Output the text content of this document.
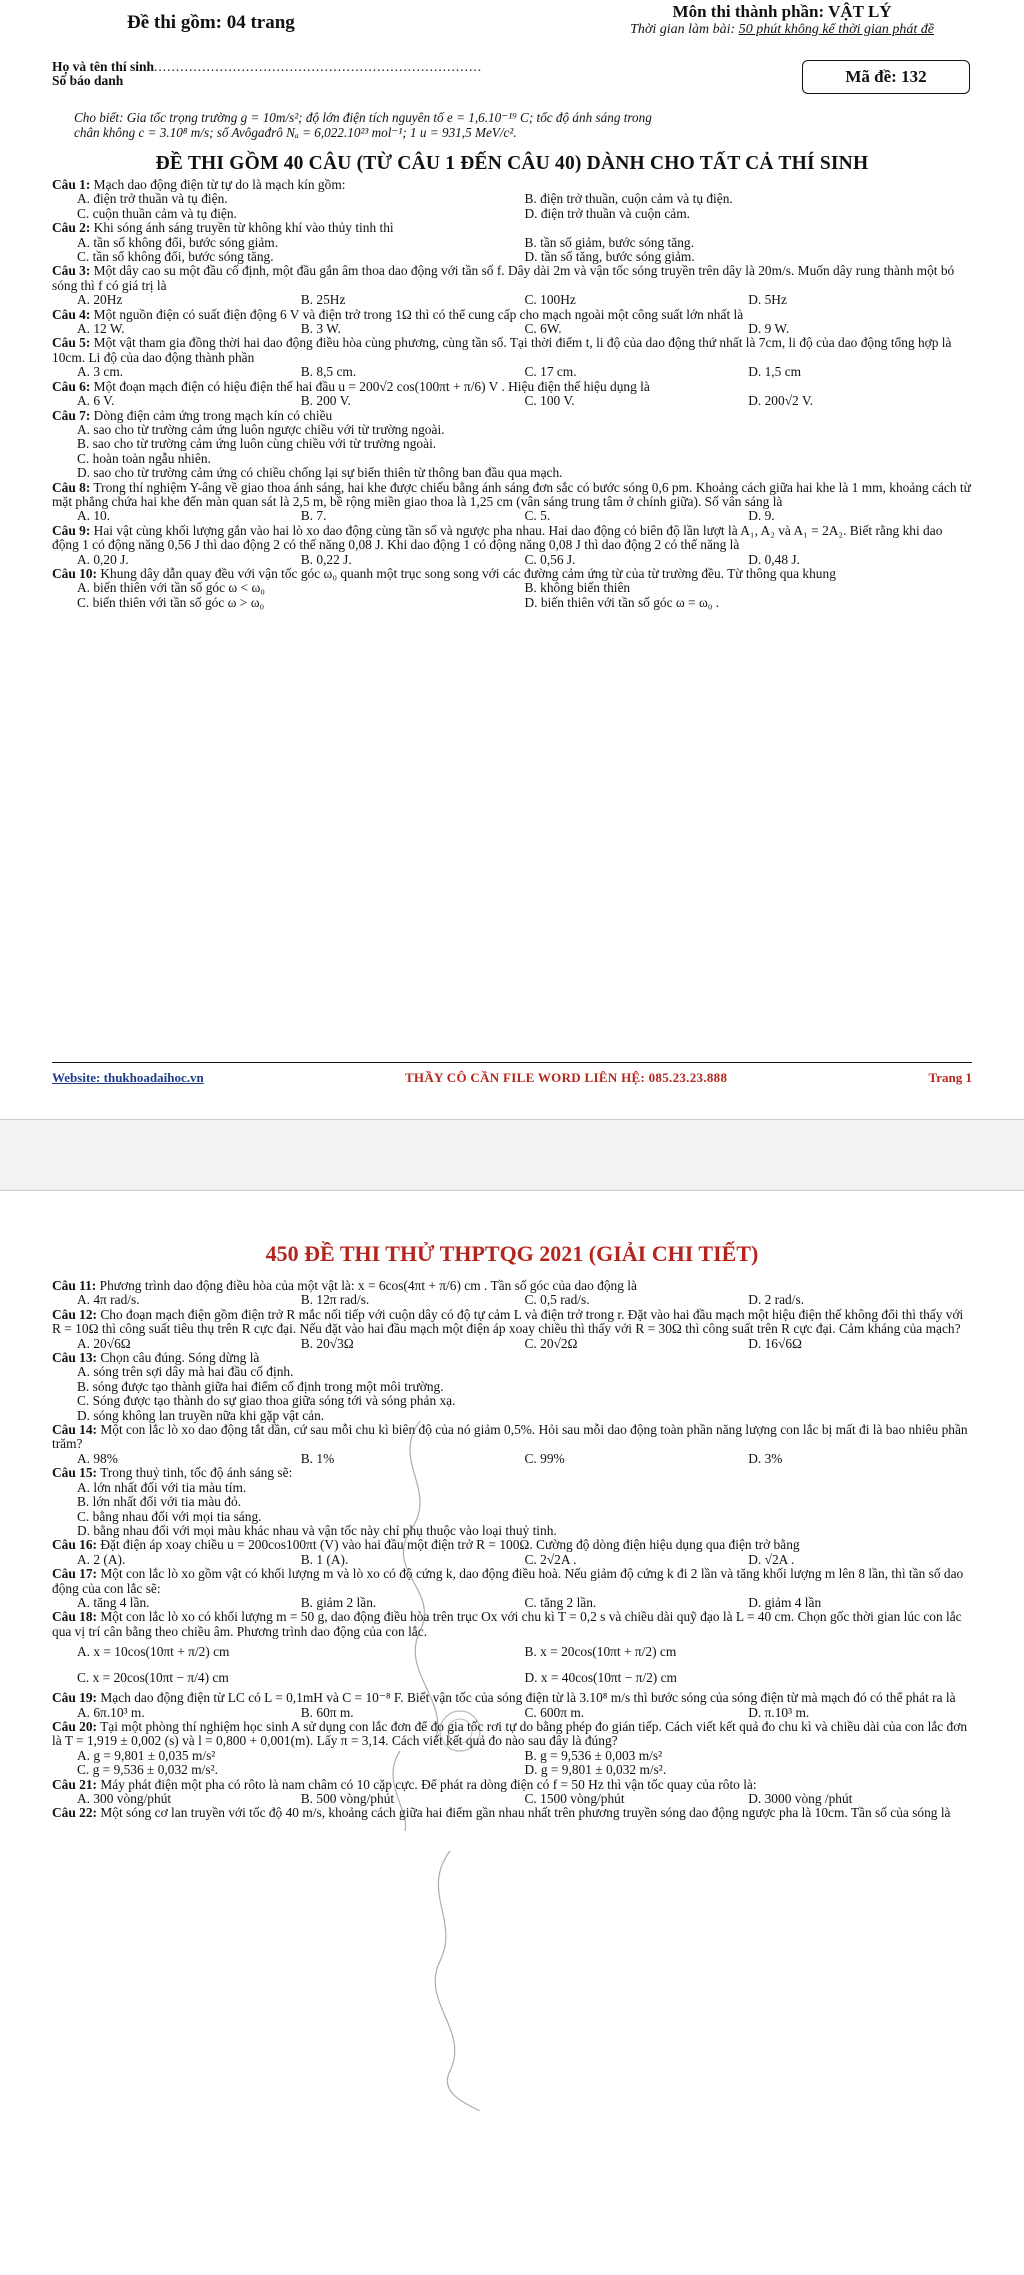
Đề thi gồm: 04 trang
Môn thi thành phần: VẬT LÝ
Thời gian làm bài: 50 phút không kể thời gian phát đề
Họ và tên thí sinh...........................................................................
Số báo danh	Mã đề: 132
Cho biết: Gia tốc trọng trường g = 10m/s²; độ lớn điện tích nguyên tố e = 1,6.10⁻¹⁹ C; tốc độ ánh sáng trong
chân không c = 3.10⁸ m/s; số Avôgađrô Nₐ = 6,022.10²³ mol⁻¹; 1 u = 931,5 MeV/c².
ĐỀ THI GỒM 40 CÂU (TỪ CÂU 1 ĐẾN CÂU 40) DÀNH CHO TẤT CẢ THÍ SINH

Câu 1: Mạch dao động điện từ tự do là mạch kín gồm:

A. điện trở thuần và tụ điện.	B. điện trở thuần, cuộn cảm và tụ điện.
C. cuộn thuần cảm và tụ điện.	D. điện trở thuần và cuộn cảm.

Câu 2: Khi sóng ánh sáng truyền từ không khí vào thủy tinh thì

A. tần số không đổi, bước sóng giảm.	B. tần số giảm, bước sóng tăng.
C. tần số không đổi, bước sóng tăng.	D. tần số tăng, bước sóng giảm.

Câu 3: Một dây cao su một đầu cố định, một đầu gắn âm thoa dao động với tần số f. Dây dài 2m và vận tốc sóng truyền trên dây là 20m/s. Muốn dây rung thành một bó sóng thì f có giá trị là

A. 20Hz	B. 25Hz	C. 100Hz	D. 5Hz

Câu 4: Một nguồn điện có suất điện động 6 V và điện trở trong 1Ω thì có thể cung cấp cho mạch ngoài một công suất lớn nhất là

A. 12 W.	B. 3 W.	C. 6W.	D. 9 W.

Câu 5: Một vật tham gia đồng thời hai dao động điều hòa cùng phương, cùng tần số. Tại thời điểm t, li độ của dao động thứ nhất là 7cm, li độ của dao động tổng hợp là 10cm. Li độ của dao động thành phần

A. 3 cm.	B. 8,5 cm.	C. 17 cm.	D. 1,5 cm

Câu 6: Một đoạn mạch điện có hiệu điện thế hai đầu u = 200√2 cos(100πt + π/6) V . Hiệu điện thế hiệu dụng là

A. 6 V.	B. 200 V.	C. 100 V.	D. 200√2 V.

Câu 7: Dòng điện cảm ứng trong mạch kín có chiều

A. sao cho từ trường cảm ứng luôn ngược chiều với từ trường ngoài.
B. sao cho từ trường cảm ứng luôn cùng chiều với từ trường ngoài.
C. hoàn toàn ngẫu nhiên.
D. sao cho từ trường cảm ứng có chiều chống lại sự biến thiên từ thông ban đầu qua mạch.

Câu 8: Trong thí nghiệm Y-âng về giao thoa ánh sáng, hai khe được chiếu bằng ánh sáng đơn sắc có bước sóng 0,6 pm. Khoảng cách giữa hai khe là 1 mm, khoảng cách từ mặt phẳng chứa hai khe đến màn quan sát là 2,5 m, bề rộng miền giao thoa là 1,25 cm (vân sáng trung tâm ở chính giữa). Số vân sáng là

A. 10.	B. 7.	C. 5.	D. 9.

Câu 9: Hai vật cùng khối lượng gắn vào hai lò xo dao động cùng tần số và ngược pha nhau. Hai dao động có biên độ lần lượt là A₁, A₂ và A₁ = 2A₂. Biết rằng khi dao động 1 có động năng 0,56 J thì dao động 2 có thế năng 0,08 J. Khi dao động 1 có động năng 0,08 J thì dao động 2 có thế năng là

A. 0,20 J.	B. 0,22 J.	C. 0,56 J.	D. 0,48 J.

Câu 10: Khung dây dẫn quay đều với vận tốc góc ω₀ quanh một trục song song với các đường cảm ứng từ của từ trường đều. Từ thông qua khung

A. biến thiên với tần số góc ω < ω₀	B. không biến thiên
C. biến thiên với tần số góc ω > ω₀	D. biến thiên với tần số góc ω = ω₀ .
Website: thukhoadaihoc.vn	THẦY CÔ CẦN FILE WORD LIÊN HỆ: 085.23.23.888	Trang 1
450 ĐỀ THI THỬ THPTQG 2021 (GIẢI CHI TIẾT)

Câu 11: Phương trình dao động điều hòa của một vật là: x = 6cos(4πt + π/6) cm . Tần số góc của dao động là

A. 4π rad/s.	B. 12π rad/s.	C. 0,5 rad/s.	D. 2 rad/s.

Câu 12: Cho đoạn mạch điện gồm điện trở R mắc nối tiếp với cuộn dây có độ tự cảm L và điện trở trong r. Đặt vào hai đầu mạch một hiệu điện thế không đổi thì thấy với R = 10Ω thì công suất tiêu thụ trên R cực đại. Nếu đặt vào hai đầu mạch một điện áp xoay chiều thì thấy với R = 30Ω thì công suất trên R cực đại. Cảm kháng của mạch?

A. 20√6Ω	B. 20√3Ω	C. 20√2Ω	D. 16√6Ω

Câu 13: Chọn câu đúng. Sóng dừng là

A. sóng trên sợi dây mà hai đầu cố định.
B. sóng được tạo thành giữa hai điểm cố định trong một môi trường.
C. Sóng được tạo thành do sự giao thoa giữa sóng tới và sóng phản xạ.
D. sóng không lan truyền nữa khi gặp vật cản.

Câu 14: Một con lắc lò xo dao động tắt dần, cứ sau mỗi chu kì biên độ của nó giảm 0,5%. Hỏi sau mỗi dao động toàn phần năng lượng con lắc bị mất đi là bao nhiêu phần trăm?

A. 98%	B. 1%	C. 99%	D. 3%

Câu 15: Trong thuỷ tinh, tốc độ ánh sáng sẽ:

A. lớn nhất đối với tia màu tím.
B. lớn nhất đối với tia màu đỏ.
C. bằng nhau đối với mọi tia sáng.
D. bằng nhau đối với mọi màu khác nhau và vận tốc này chỉ phụ thuộc vào loại thuỷ tinh.

Câu 16: Đặt điện áp xoay chiều u = 200cos100πt (V) vào hai đầu một điện trở R = 100Ω. Cường độ dòng điện hiệu dụng qua điện trở bằng

A. 2 (A).	B. 1 (A).	C. 2√2A .	D. √2A .

Câu 17: Một con lắc lò xo gồm vật có khối lượng m và lò xo có độ cứng k, dao động điều hoà. Nếu giảm độ cứng k đi 2 lần và tăng khối lượng m lên 8 lần, thì tần số dao động của con lắc sẽ:

A. tăng 4 lần.	B. giảm 2 lần.	C. tăng 2 lần.	D. giảm 4 lần

Câu 18: Một con lắc lò xo có khối lượng m = 50 g, dao động điều hòa trên trục Ox với chu kì T = 0,2 s và chiều dài quỹ đạo là L = 40 cm. Chọn gốc thời gian lúc con lắc qua vị trí cân bằng theo chiều âm. Phương trình dao động của con lắc.

A. x = 10cos(10πt + π/2) cm	B. x = 20cos(10πt + π/2) cm
C. x = 20cos(10πt − π/4) cm	D. x = 40cos(10πt − π/2) cm

Câu 19: Mạch dao động điện từ LC có L = 0,1mH và C = 10⁻⁸ F. Biết vận tốc của sóng điện từ là 3.10⁸ m/s thì bước sóng của sóng điện từ mà mạch đó có thể phát ra là

A. 6π.10³ m.	B. 60π m.	C. 600π m.	D. π.10³ m.

Câu 20: Tại một phòng thí nghiệm học sinh A sử dụng con lắc đơn để đo gia tốc rơi tự do bằng phép đo gián tiếp. Cách viết kết quả đo chu kì và chiều dài của con lắc đơn là T = 1,919 ± 0,002 (s) và l = 0,800 + 0,001(m). Lấy π = 3,14. Cách viết kết quả đo nào sau đây là đúng?

A. g = 9,801 ± 0,035 m/s²	B. g = 9,536 ± 0,003 m/s²
C. g = 9,536 ± 0,032 m/s².	D. g = 9,801 ± 0,032 m/s².

Câu 21: Máy phát điện một pha có rôto là nam châm có 10 cặp cực. Để phát ra dòng điện có f = 50 Hz thì vận tốc quay của rôto là:

A. 300 vòng/phút	B. 500 vòng/phút	C. 1500 vòng/phút	D. 3000 vòng /phút

Câu 22: Một sóng cơ lan truyền với tốc độ 40 m/s, khoảng cách giữa hai điểm gần nhau nhất trên phương truyền sóng dao động ngược pha là 10cm. Tần số của sóng là
